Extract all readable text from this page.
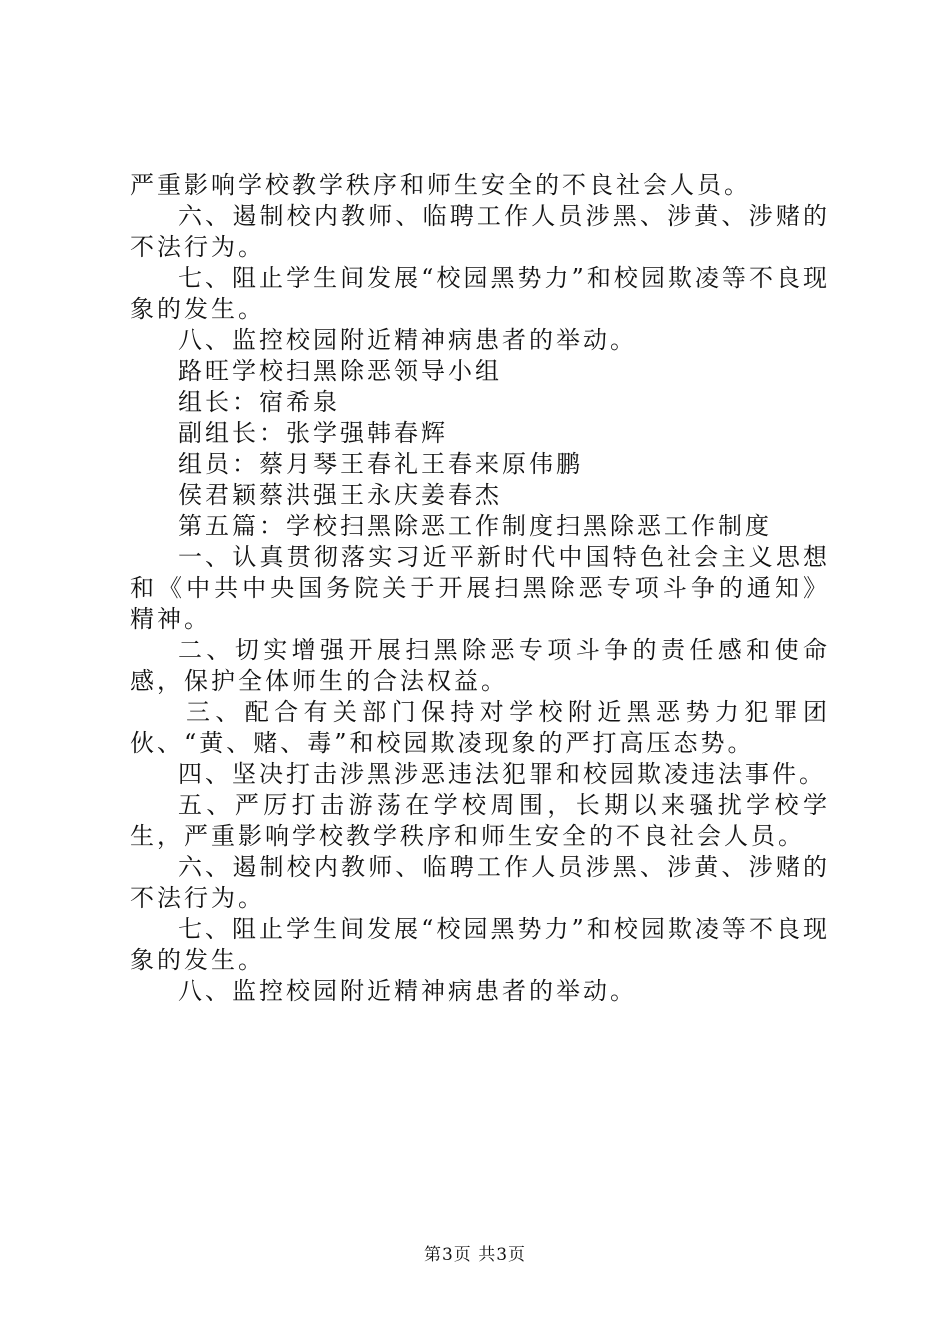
严重影响学校教学秩序和师生安全的不良社会人员。

六、遏制校内教师、临聘工作人员涉黑、涉黄、涉赌的不法行为。

七、阻止学生间发展“校园黑势力”和校园欺凌等不良现象的发生。

八、监控校园附近精神病患者的举动。

路旺学校扫黑除恶领导小组

组长：宿希泉

副组长：张学强韩春辉

组员：蔡月琴王春礼王春来原伟鹏

侯君颖蔡洪强王永庆姜春杰

第五篇：学校扫黑除恶工作制度扫黑除恶工作制度

一、认真贯彻落实习近平新时代中国特色社会主义思想和《中共中央国务院关于开展扫黑除恶专项斗争的通知》精神。

二、切实增强开展扫黑除恶专项斗争的责任感和使命感，保护全体师生的合法权益。

三、配合有关部门保持对学校附近黑恶势力犯罪团伙、“黄、赌、毒”和校园欺凌现象的严打高压态势。

四、坚决打击涉黑涉恶违法犯罪和校园欺凌违法事件。

五、严厉打击游荡在学校周围，长期以来骚扰学校学生，严重影响学校教学秩序和师生安全的不良社会人员。

六、遏制校内教师、临聘工作人员涉黑、涉黄、涉赌的不法行为。

七、阻止学生间发展“校园黑势力”和校园欺凌等不良现象的发生。

八、监控校园附近精神病患者的举动。

第3页 共3页
